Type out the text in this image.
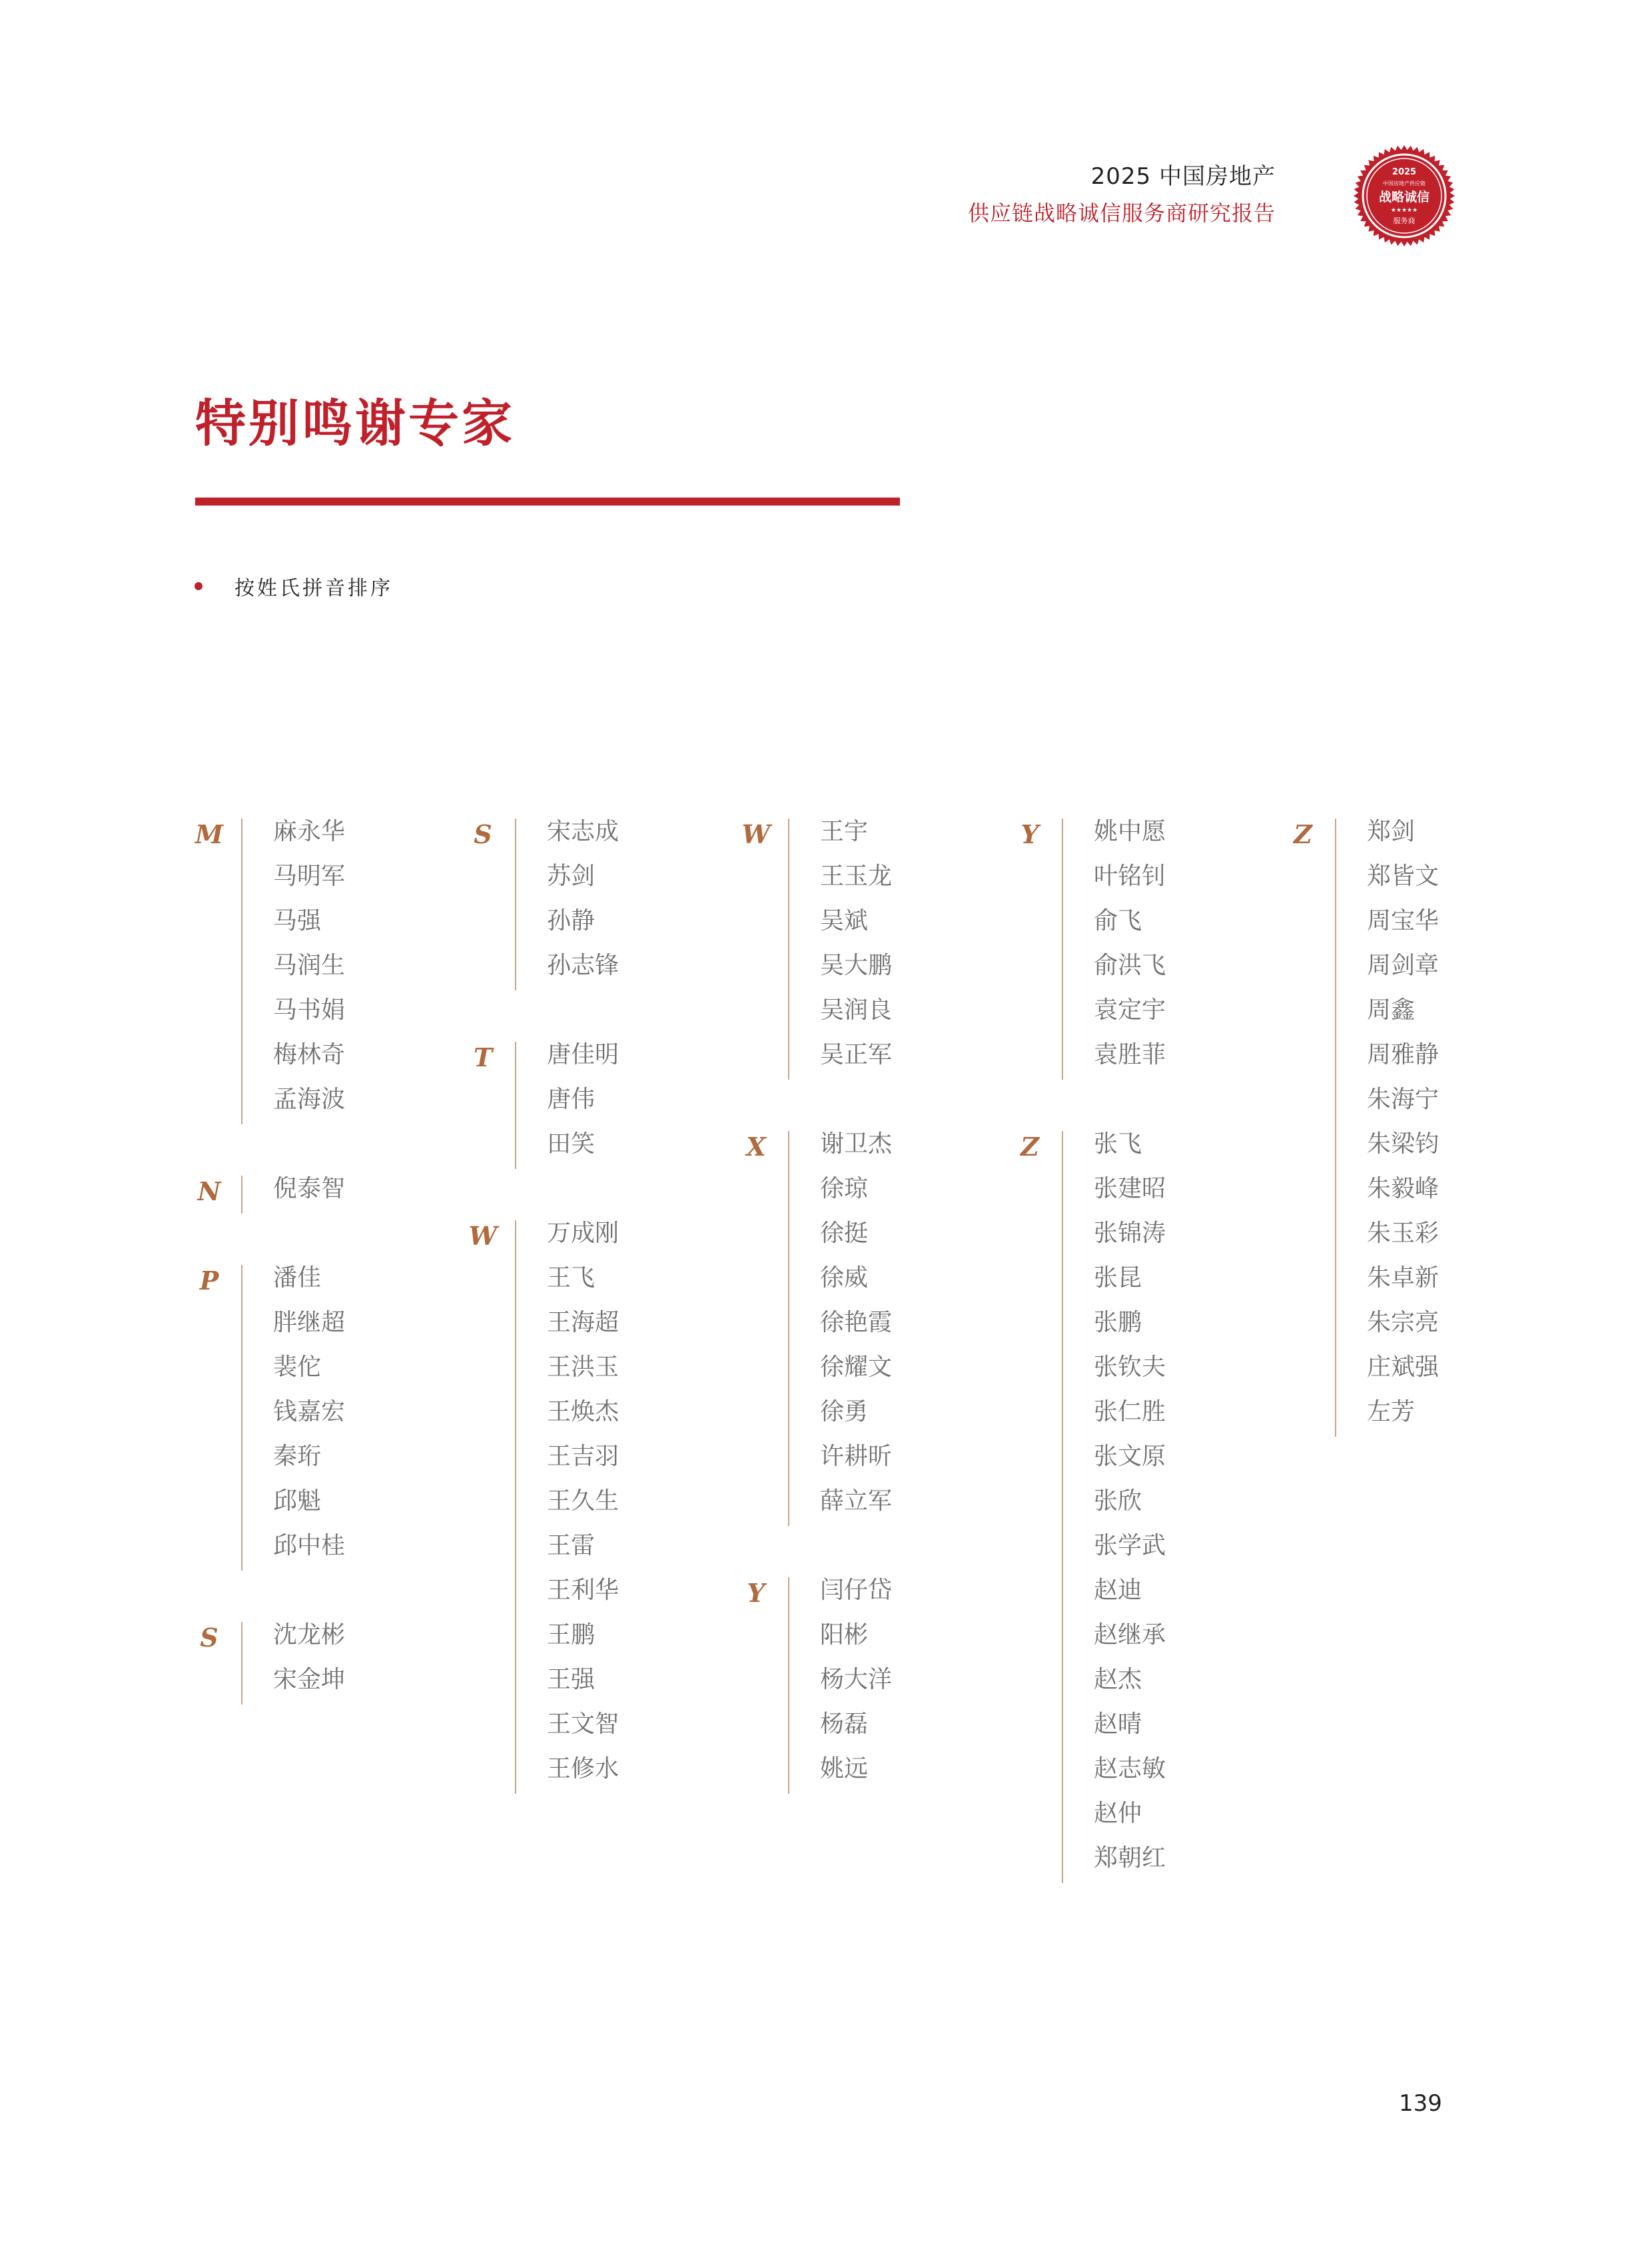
2025 中国房地产
供应链战略诚信服务商研究报告
2025
中国房地产供应链
战略诚信
★★★★★
服务商
特别鸣谢专家
按姓氏拼音排序
M 麻永华
马明军
马强
马润生
马书娟
梅林奇
孟海波
N 倪泰智
P 潘佳
胖继超
裴佗
钱嘉宏
秦珩
邱魁
邱中桂
S 沈龙彬
宋金坤
S 宋志成
苏剑
孙静
孙志锋
T 唐佳明
唐伟
田笑
W 万成刚
王飞
王海超
王洪玉
王焕杰
王吉羽
王久生
王雷
王利华
王鹏
王强
王文智
王修水
W 王宇
王玉龙
吴斌
吴大鹏
吴润良
吴正军
X 谢卫杰
徐琼
徐挺
徐威
徐艳霞
徐耀文
徐勇
许耕昕
薛立军
Y 闫仔岱
阳彬
杨大洋
杨磊
姚远
Y 姚中愿
叶铭钊
俞飞
俞洪飞
袁定宇
袁胜菲
Z 张飞
张建昭
张锦涛
张昆
张鹏
张钦夫
张仁胜
张文原
张欣
张学武
赵迪
赵继承
赵杰
赵晴
赵志敏
赵仲
郑朝红
Z 郑剑
郑皆文
周宝华
周剑章
周鑫
周雅静
朱海宁
朱梁钧
朱毅峰
朱玉彩
朱卓新
朱宗亮
庄斌强
左芳
139
